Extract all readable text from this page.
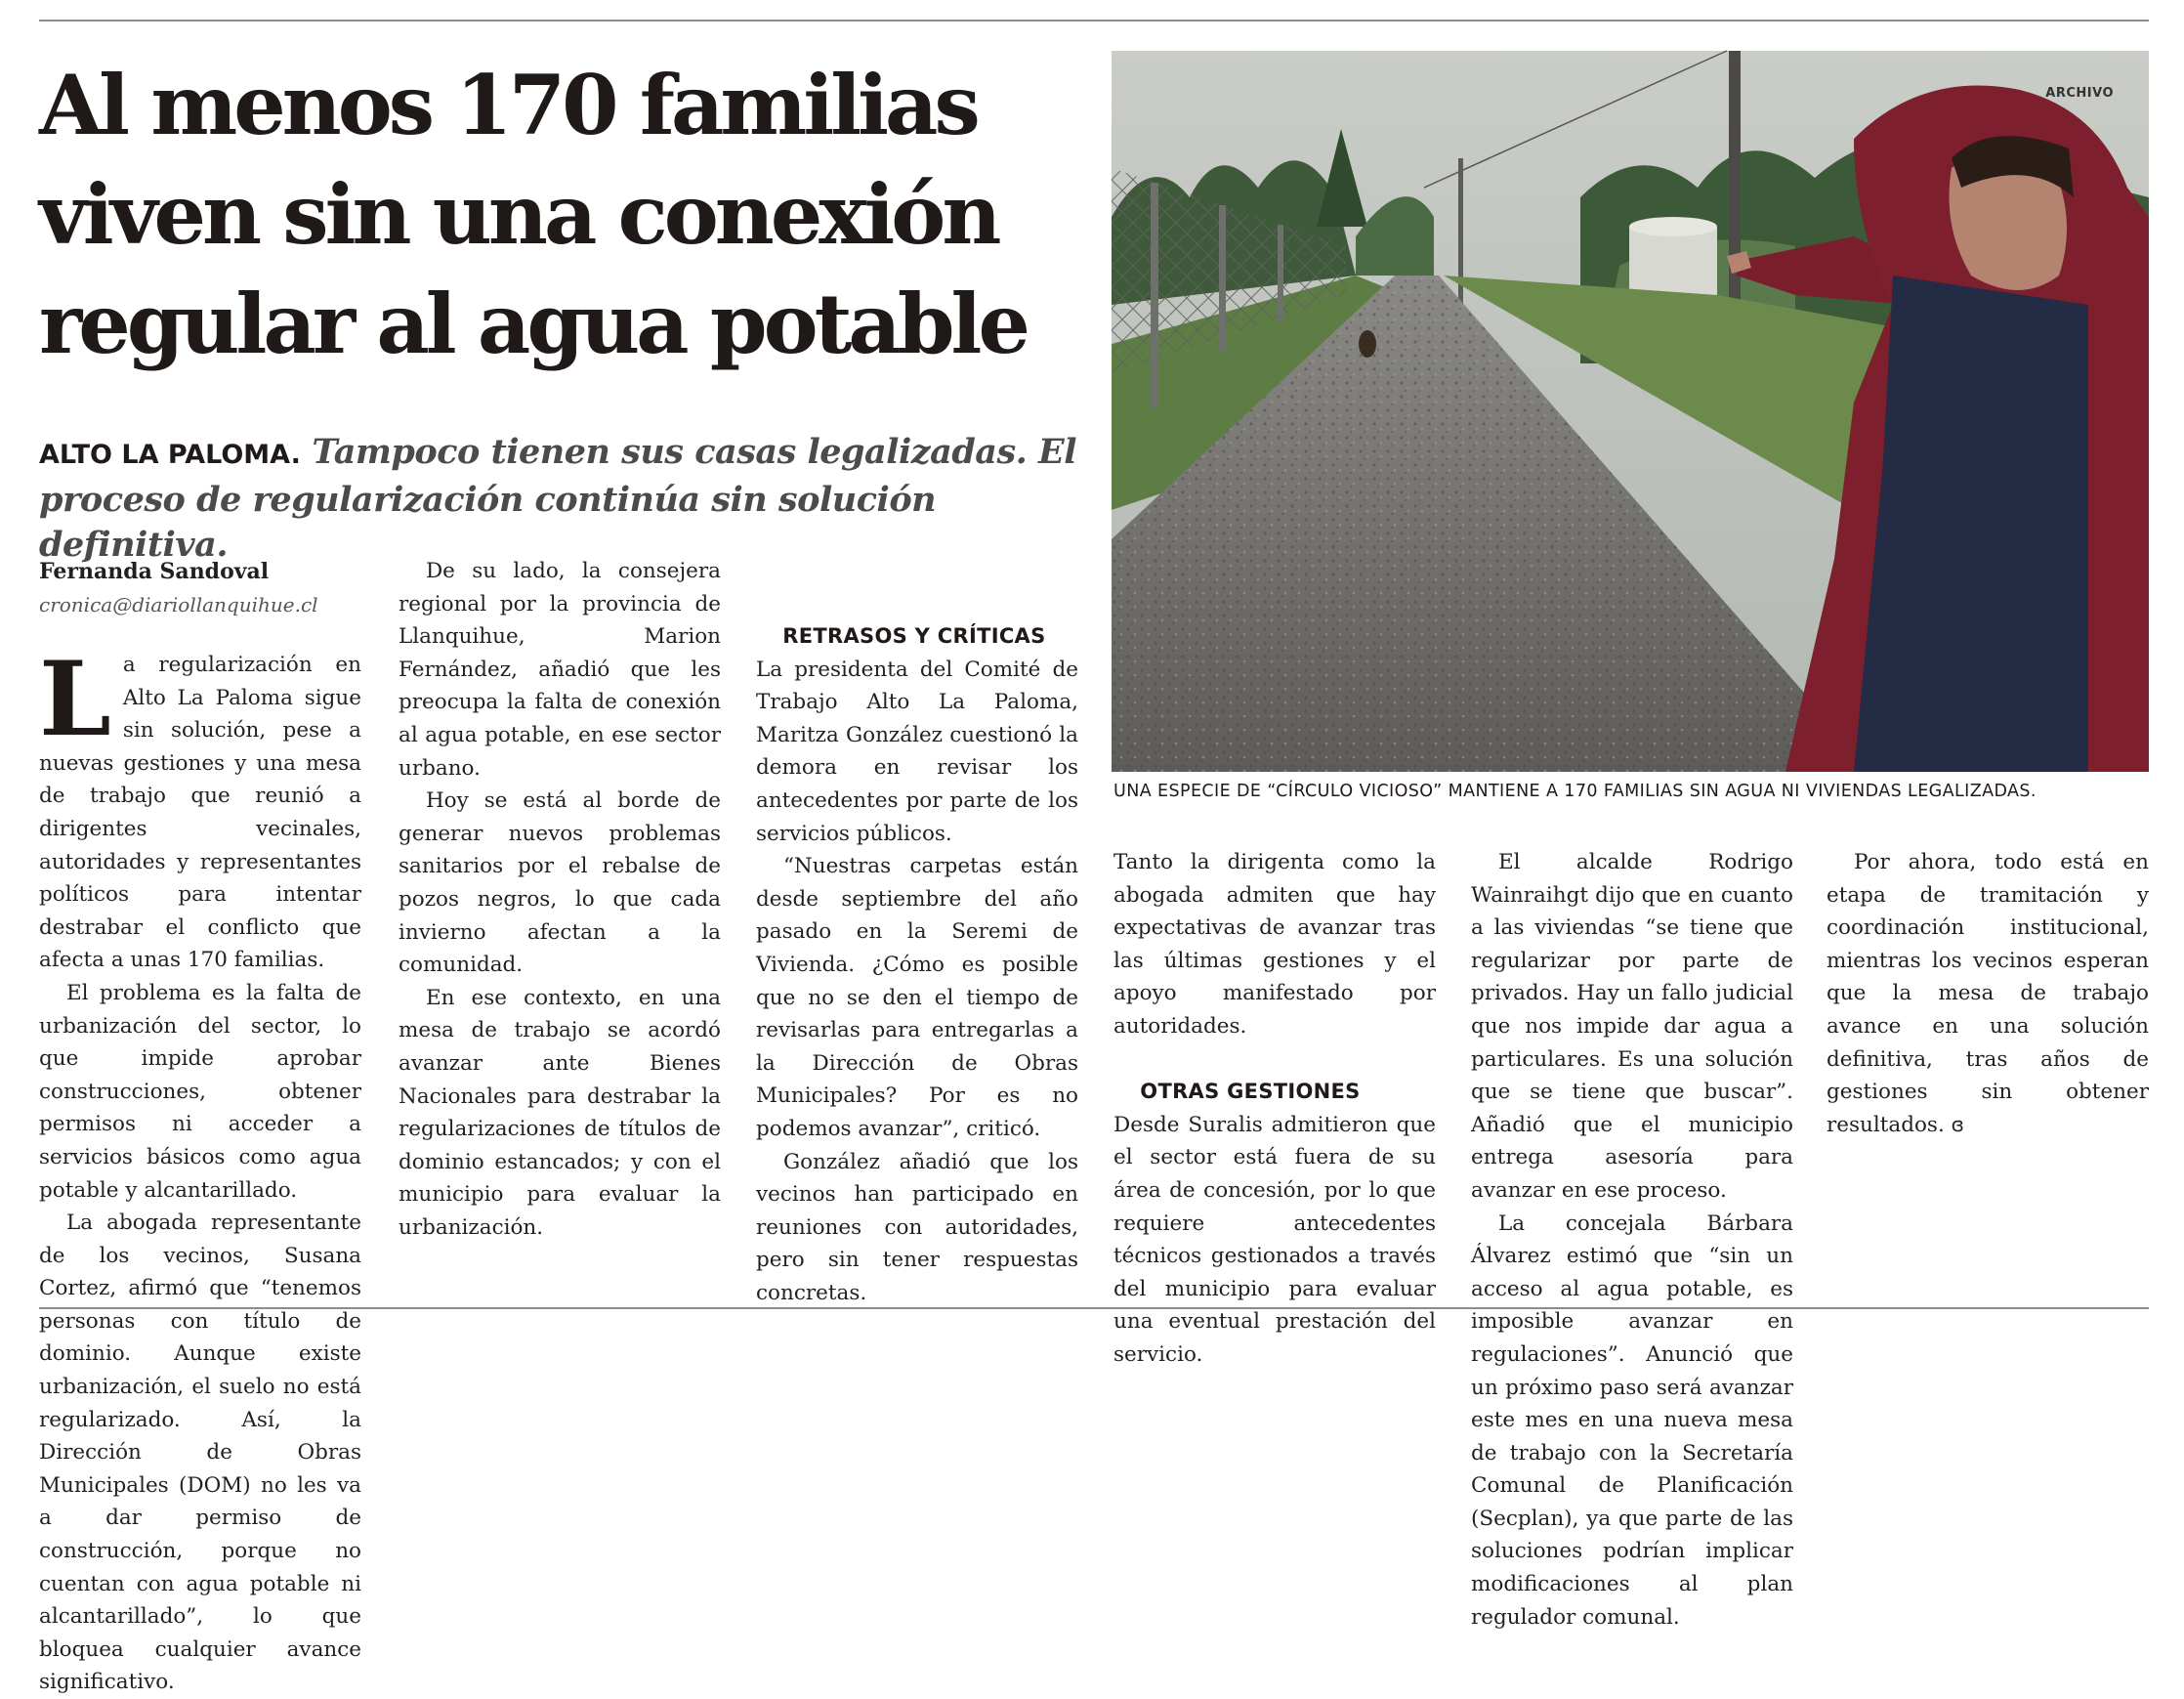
Al menos 170 familias
viven sin una conexión
regular al agua potable
ALTO LA PALOMA. Tampoco tienen sus casas legalizadas. El proceso de regularización continúa sin solución definitiva.
ARCHIVO
UNA ESPECIE DE “CÍRCULO VICIOSO” MANTIENE A 170 FAMILIAS SIN AGUA NI VIVIENDAS LEGALIZADAS.

Fernanda Sandoval

cronica@diariollanquihue.cl

La regularización en Alto La Paloma sigue sin solución, pese a nuevas gestiones y una mesa de trabajo que reunió a dirigentes vecinales, autoridades y representantes políticos para intentar destrabar el conflicto que afecta a unas 170 familias.

El problema es la falta de urbanización del sector, lo que impide aprobar construcciones, obtener permisos ni acceder a servicios básicos como agua potable y alcantarillado.

La abogada representante de los vecinos, Susana Cortez, afirmó que “tenemos personas con título de dominio. Aunque existe urbanización, el suelo no está regularizado. Así, la Dirección de Obras Municipales (DOM) no les va a dar permiso de construcción, porque no cuentan con agua potable ni alcantarillado”, lo que bloquea cualquier avance significativo.

De su lado, la consejera regional por la provincia de Llanquihue, Marion Fernández, añadió que les preocupa la falta de conexión al agua potable, en ese sector urbano.

Hoy se está al borde de generar nuevos problemas sanitarios por el rebalse de pozos negros, lo que cada invierno afectan a la comunidad.

En ese contexto, en una mesa de trabajo se acordó avanzar ante Bienes Nacionales para destrabar la regularizaciones de títulos de dominio estancados; y con el municipio para evaluar la urbanización.

RETRASOS Y CRÍTICAS

La presidenta del Comité de Trabajo Alto La Paloma, Maritza González cuestionó la demora en revisar los antecedentes por parte de los servicios públicos.

“Nuestras carpetas están desde septiembre del año pasado en la Seremi de Vivienda. ¿Cómo es posible que no se den el tiempo de revisarlas para entregarlas a la Dirección de Obras Municipales? Por es no podemos avanzar”, criticó.

González añadió que los vecinos han participado en reuniones con autoridades, pero sin tener respuestas concretas.

Tanto la dirigenta como la abogada admiten que hay expectativas de avanzar tras las últimas gestiones y el apoyo manifestado por autoridades.

OTRAS GESTIONES

Desde Suralis admitieron que el sector está fuera de su área de concesión, por lo que requiere antecedentes técnicos gestionados a través del municipio para evaluar una eventual prestación del servicio.

El alcalde Rodrigo Wainraihgt dijo que en cuanto a las viviendas “se tiene que regularizar por parte de privados. Hay un fallo judicial que nos impide dar agua a particulares. Es una solución que se tiene que buscar”. Añadió que el municipio entrega asesoría para avanzar en ese proceso.

La concejala Bárbara Álvarez estimó que “sin un acceso al agua potable, es imposible avanzar en regulaciones”. Anunció que un próximo paso será avanzar este mes en una nueva mesa de trabajo con la Secretaría Comunal de Planificación (Secplan), ya que parte de las soluciones podrían implicar modificaciones al plan regulador comunal.

Por ahora, todo está en etapa de tramitación y coordinación institucional, mientras los vecinos esperan que la mesa de trabajo avance en una solución definitiva, tras años de gestiones sin obtener resultados. ɞ
